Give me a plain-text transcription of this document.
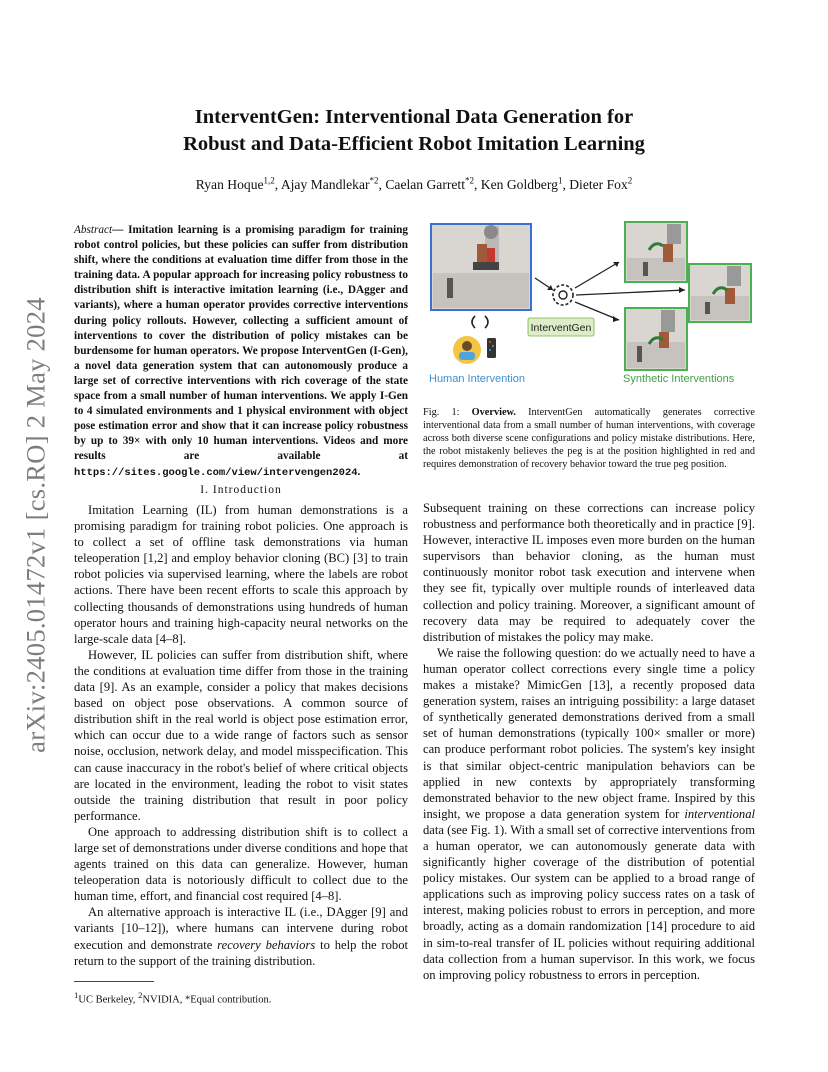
arXiv:2405.01472v1 [cs.RO] 2 May 2024
InterventGen: Interventional Data Generation for
Robust and Data-Efficient Robot Imitation Learning
Ryan Hoque$^{1,2}$, Ajay Mandlekar$^{*2}$, Caelan Garrett$^{*2}$, Ken Goldberg$^1$, Dieter Fox$^2$
Abstract— Imitation learning is a promising paradigm for training robot control policies, but these policies can suffer from distribution shift, where the conditions at evaluation time differ from those in the training data. A popular approach for increasing policy robustness to distribution shift is interactive imitation learning (i.e., DAgger and variants), where a human operator provides corrective interventions during policy rollouts. However, collecting a sufficient amount of interventions to cover the distribution of policy mistakes can be burdensome for human operators. We propose InterventGen (I-Gen), a novel data generation system that can autonomously produce a large set of corrective interventions with rich coverage of the state space from a small number of human interventions. We apply I-Gen to 4 simulated environments and 1 physical environment with object pose estimation error and show that it can increase policy robustness by up to 39× with only 10 human interventions. Videos and more results are available at https://sites.google.com/view/intervengen2024.
I. Introduction

Imitation Learning (IL) from human demonstrations is a promising paradigm for training robot policies. One approach is to collect a set of offline task demonstrations via human teleoperation [1,2] and employ behavior cloning (BC) [3] to train robot policies via supervised learning, where the labels are robot actions. There have been recent efforts to scale this approach by collecting thousands of demonstrations using hundreds of human operator hours and training high-capacity neural networks on the large-scale data [4–8].

However, IL policies can suffer from distribution shift, where the conditions at evaluation time differ from those in the training data [9]. As an example, consider a policy that makes decisions based on object pose observations. A common source of distribution shift in the real world is object pose estimation error, which can occur due to a wide range of factors such as sensor noise, occlusion, network delay, and model misspecification. This can cause inaccuracy in the robot's belief of where critical objects are located in the environment, leading the robot to visit states outside the training distribution that result in poor policy performance.

One approach to addressing distribution shift is to collect a large set of demonstrations under diverse conditions and hope that agents trained on this data can generalize. However, human teleoperation data is notoriously difficult to collect due to the human time, effort, and financial cost required [4–8].

An alternative approach is interactive IL (i.e., DAgger [9] and variants [10–12]), where humans can intervene during robot execution and demonstrate recovery behaviors to help the robot return to the support of the training distribution.

$^1$UC Berkeley, $^2$NVIDIA, *Equal contribution.
InterventGen
Human Intervention	Synthetic Interventions
Fig. 1: Overview. InterventGen automatically generates corrective interventional data from a small number of human interventions, with coverage across both diverse scene configurations and policy mistake distributions. Here, the robot mistakenly believes the peg is at the position highlighted in red and requires demonstration of recovery behavior toward the true peg position.

Subsequent training on these corrections can increase policy robustness and performance both theoretically and in practice [9]. However, interactive IL imposes even more burden on the human supervisors than behavior cloning, as the human must continuously monitor robot task execution and intervene when they see fit, typically over multiple rounds of interleaved data collection and policy training. Moreover, a significant amount of recovery data may be required to adequately cover the distribution of mistakes the policy may make.

We raise the following question: do we actually need to have a human operator collect corrections every single time a policy makes a mistake? MimicGen [13], a recently proposed data generation system, raises an intriguing possibility: a large dataset of synthetically generated demonstrations derived from a small set of human demonstrations (typically 100× smaller or more) can produce performant robot policies. The system's key insight is that similar object-centric manipulation behaviors can be applied in new contexts by appropriately transforming demonstrated behavior to the new object frame. Inspired by this insight, we propose a data generation system for interventional data (see Fig. 1). With a small set of corrective interventions from a human operator, we can autonomously generate data with significantly higher coverage of the distribution of potential policy mistakes. Our system can be applied to a broad range of applications such as improving policy success rates on a task of interest, making policies robust to errors in perception, and more broadly, acting as a domain randomization [14] procedure to aid in sim-to-real transfer of IL policies without requiring additional data collection from a human supervisor. In this work, we focus on improving policy robustness to errors in perception.
